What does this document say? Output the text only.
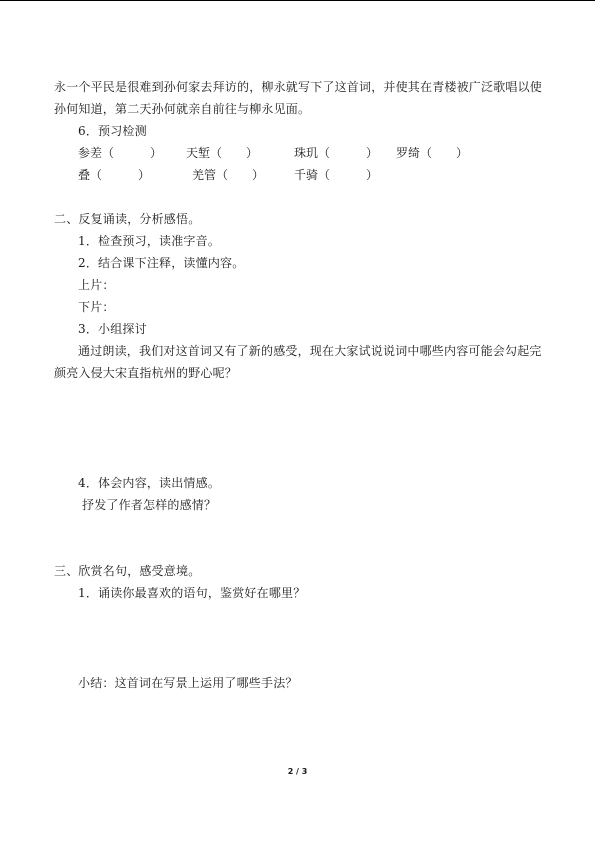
永一个平民是很难到孙何家去拜访的，柳永就写下了这首词，并使其在青楼被广泛歌唱以使
孙何知道，第二天孙何就亲自前往与柳永见面。
6．预习检测
参差（　　　） 天堑（　　）	珠玑（　　　） 罗绮（　　）
叠（　　　）	羌管（　　） 千骑（　　　）
二、反复诵读，分析感悟。
1．检查预习，读准字音。
2．结合课下注释，读懂内容。
上片：
下片：
3．小组探讨
通过朗读，我们对这首词又有了新的感受，现在大家试说说词中哪些内容可能会勾起完
颜亮入侵大宋直指杭州的野心呢？
4．体会内容，读出情感。
抒发了作者怎样的感情？
三、欣赏名句，感受意境。
1．诵读你最喜欢的语句，鉴赏好在哪里？
小结：这首词在写景上运用了哪些手法？
2 / 3
